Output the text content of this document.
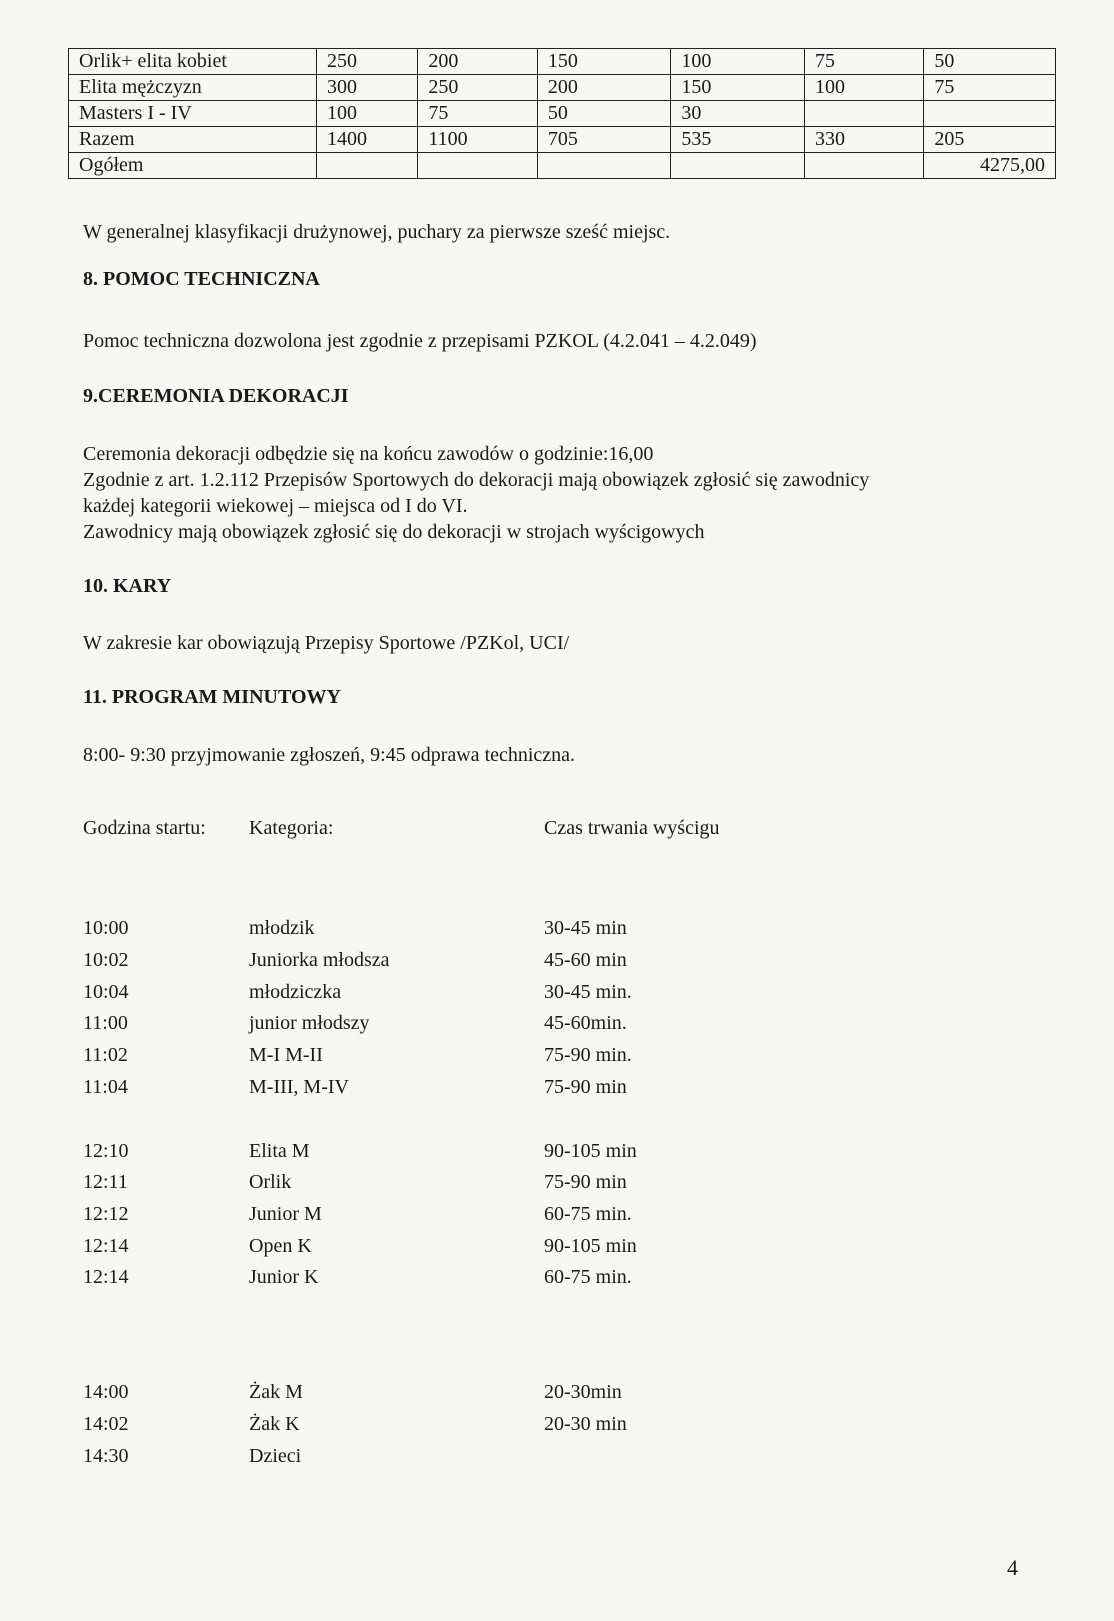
Orlik+ elita kobiet	250	200	150	100	75	50
Elita mężczyzn	300	250	200	150	100	75
Masters I - IV	100	75	50	30		
Razem	1400	1100	705	535	330	205
Ogółem						4275,00
W generalnej klasyfikacji drużynowej, puchary za pierwsze sześć miejsc.
8. POMOC TECHNICZNA
Pomoc techniczna dozwolona jest zgodnie z przepisami PZKOL (4.2.041 – 4.2.049)
9.CEREMONIA DEKORACJI
Ceremonia dekoracji odbędzie się na końcu zawodów o godzinie:16,00
Zgodnie z art. 1.2.112 Przepisów Sportowych do dekoracji mają obowiązek zgłosić się zawodnicy
każdej kategorii wiekowej – miejsca od I do VI.
Zawodnicy mają obowiązek zgłosić się do dekoracji w strojach wyścigowych
10. KARY
W zakresie kar obowiązują Przepisy Sportowe /PZKol, UCI/
11. PROGRAM MINUTOWY
8:00- 9:30 przyjmowanie zgłoszeń, 9:45 odprawa techniczna.
Godzina startu: Kategoria:	Czas trwania wyścigu
10:00	młodzik	30-45 min
10:02	Juniorka młodsza	45-60 min
10:04	młodziczka	30-45 min.
11:00	junior młodszy	45-60min.
11:02	M-I M-II	75-90 min.
11:04	M-III, M-IV	75-90 min
12:10	Elita M	90-105 min
12:11	Orlik	75-90 min
12:12	Junior M	60-75 min.
12:14	Open K	90-105 min
12:14	Junior K	60-75 min.
14:00	Żak M	20-30min
14:02	Żak K	20-30 min
14:30	Dzieci
4
